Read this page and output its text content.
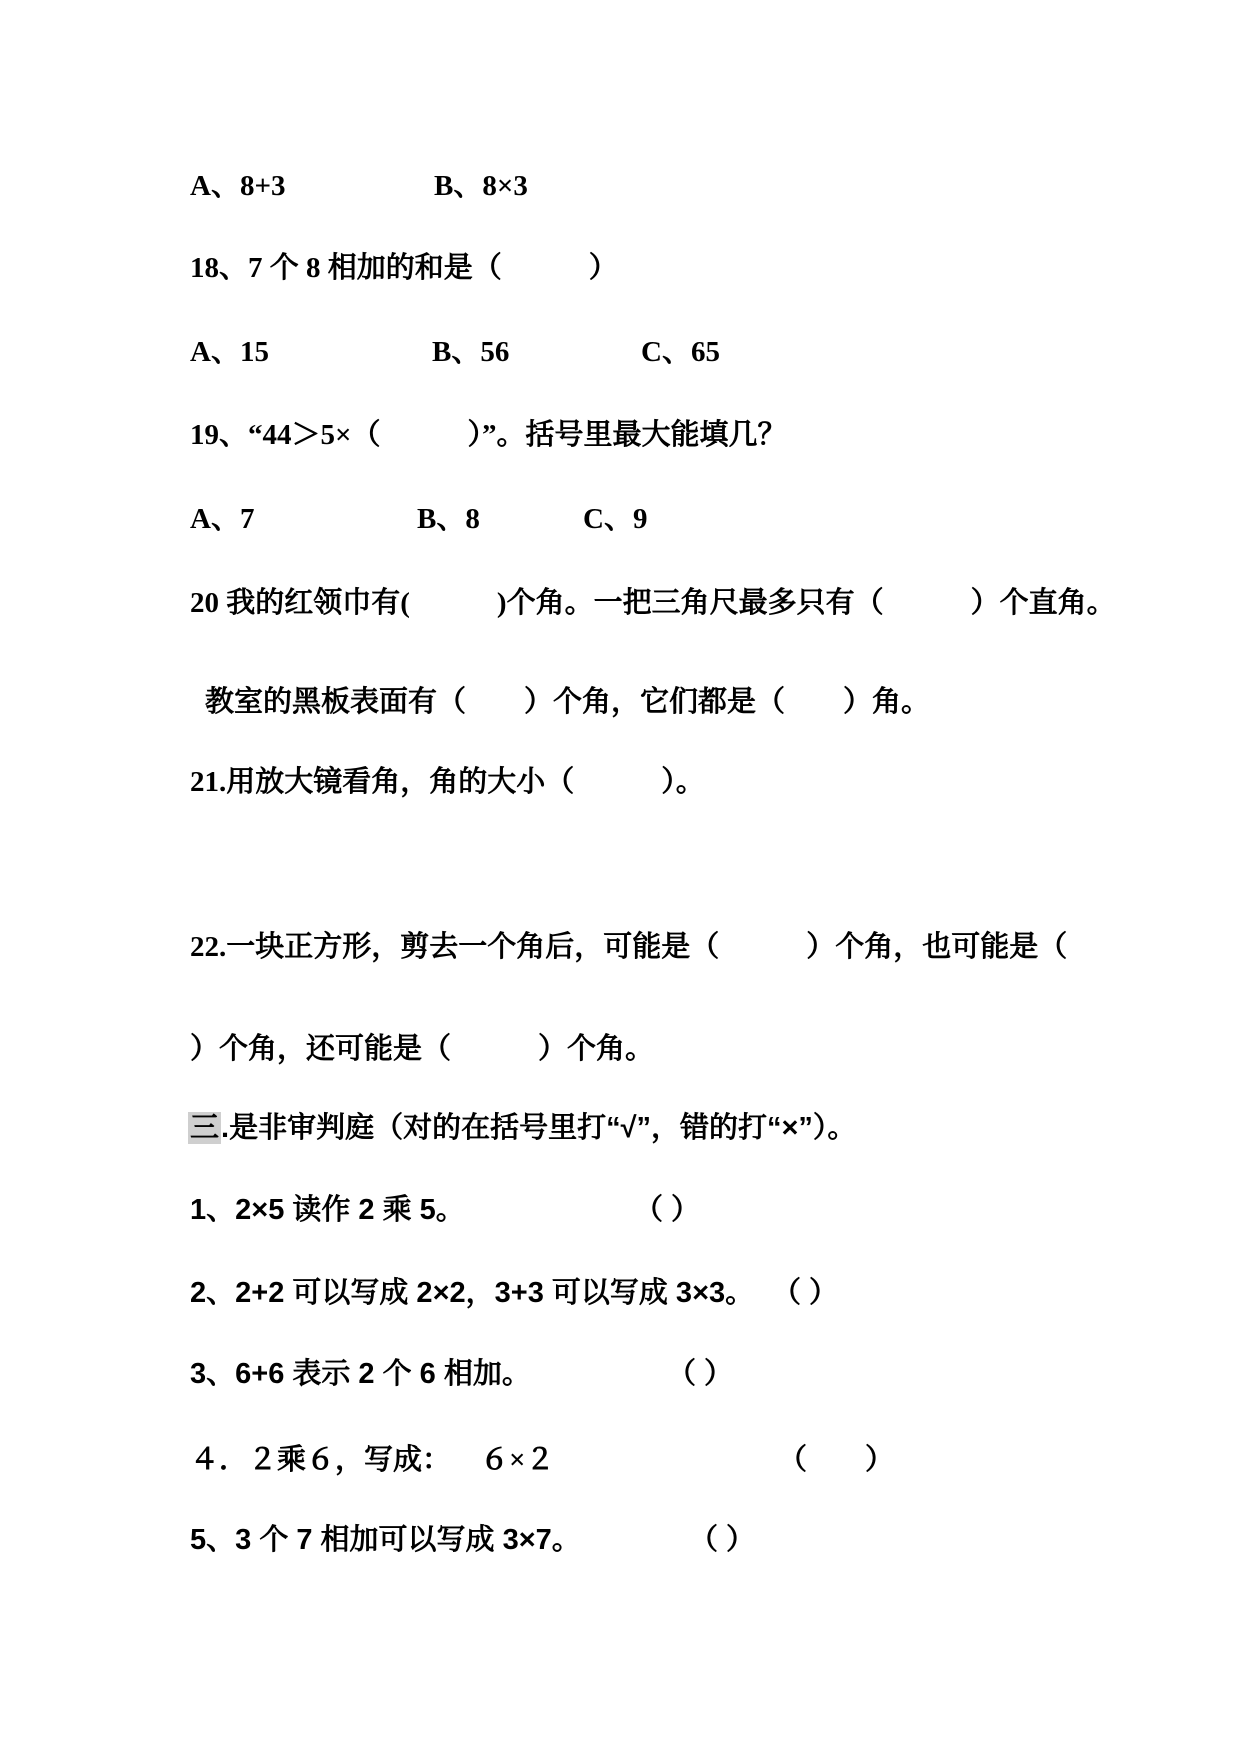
A、8+3

	B、8×3

18、7 个 8 相加的和是（　　　）

A、15

	B、56

	C、65

19、“44＞5×（　　　）”。括号里最大能填几？

A、7

	B、8

	C、9

20 我的红领巾有(　　　)个角。一把三角尺最多只有（　　　）个直角。

教室的黑板表面有（　　）个角，它们都是（　　）角。

21.用放大镜看角，角的大小（　　　）。

22.一块正方形，剪去一个角后，可能是（　　　）个角，也可能是（

）个角，还可能是（　　　）个角。

三.是非审判庭（对的在括号里打“√”，错的打“×”）。

1、2×5 读作 2 乘 5。

	（ ）

2、2+2 可以写成 2×2，3+3 可以写成 3×3。

（ ）

3、6+6 表示 2 个 6 相加。

	（ ）

４．２乘６，写成：

６×２

	（　　）

5、3 个 7 相加可以写成 3×7。

	（ ）
